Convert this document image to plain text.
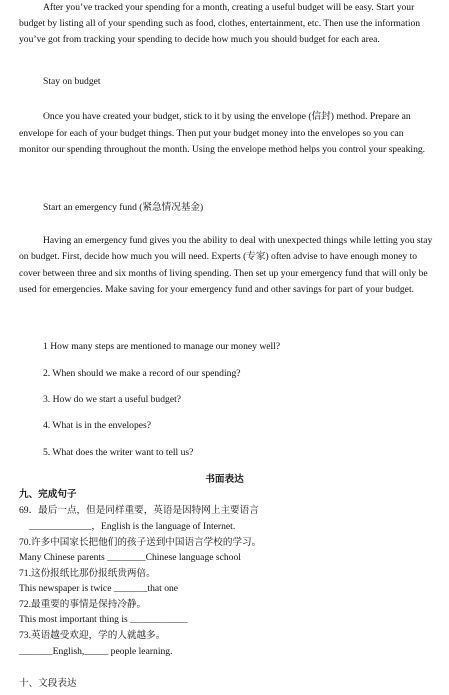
After you’ve tracked your spending for a month, creating a useful budget will be easy. Start your budget by listing all of your spending such as food, clothes, entertainment, etc. Then use the information you’ve got from tracking your spending to decide how much you should budget for each area.

Stay on budget

Once you have created your budget, stick to it by using the envelope (信封) method. Prepare an envelope for each of your budget things. Then put your budget money into the envelopes so you can monitor our spending throughout the month. Using the envelope method helps you control your speaking.

Start an emergency fund (紧急情况基金)

Having an emergency fund gives you the ability to deal with unexpected things while letting you stay on budget. First, decide how much you will need. Experts (专家) often advise to have enough money to cover between three and six months of living spending. Then set up your emergency fund that will only be used for emergencies. Make saving for your emergency fund and other savings for part of your budget.

1 How many steps are mentioned to manage our money well?
2. When should we make a record of our spending?
3. How do we start a useful budget?
4. What is in the envelopes?
5. What does the writer want to tell us?
书面表达
九、完成句子
69．最后一点，但是同样重要，英语是因特网上主要语言
_____________，English is the language of Internet.
70.许多中国家长把他们的孩子送到中国语言学校的学习。
Many Chinese parents ________Chinese language school
71.这份报纸比那份报纸贵两倍。
This newspaper is twice _______that one
72.最重要的事情是保持冷静。
This most important thing is ____________
73.英语越受欢迎，学的人就越多。
_______English,_____ people learning.
十、文段表达
